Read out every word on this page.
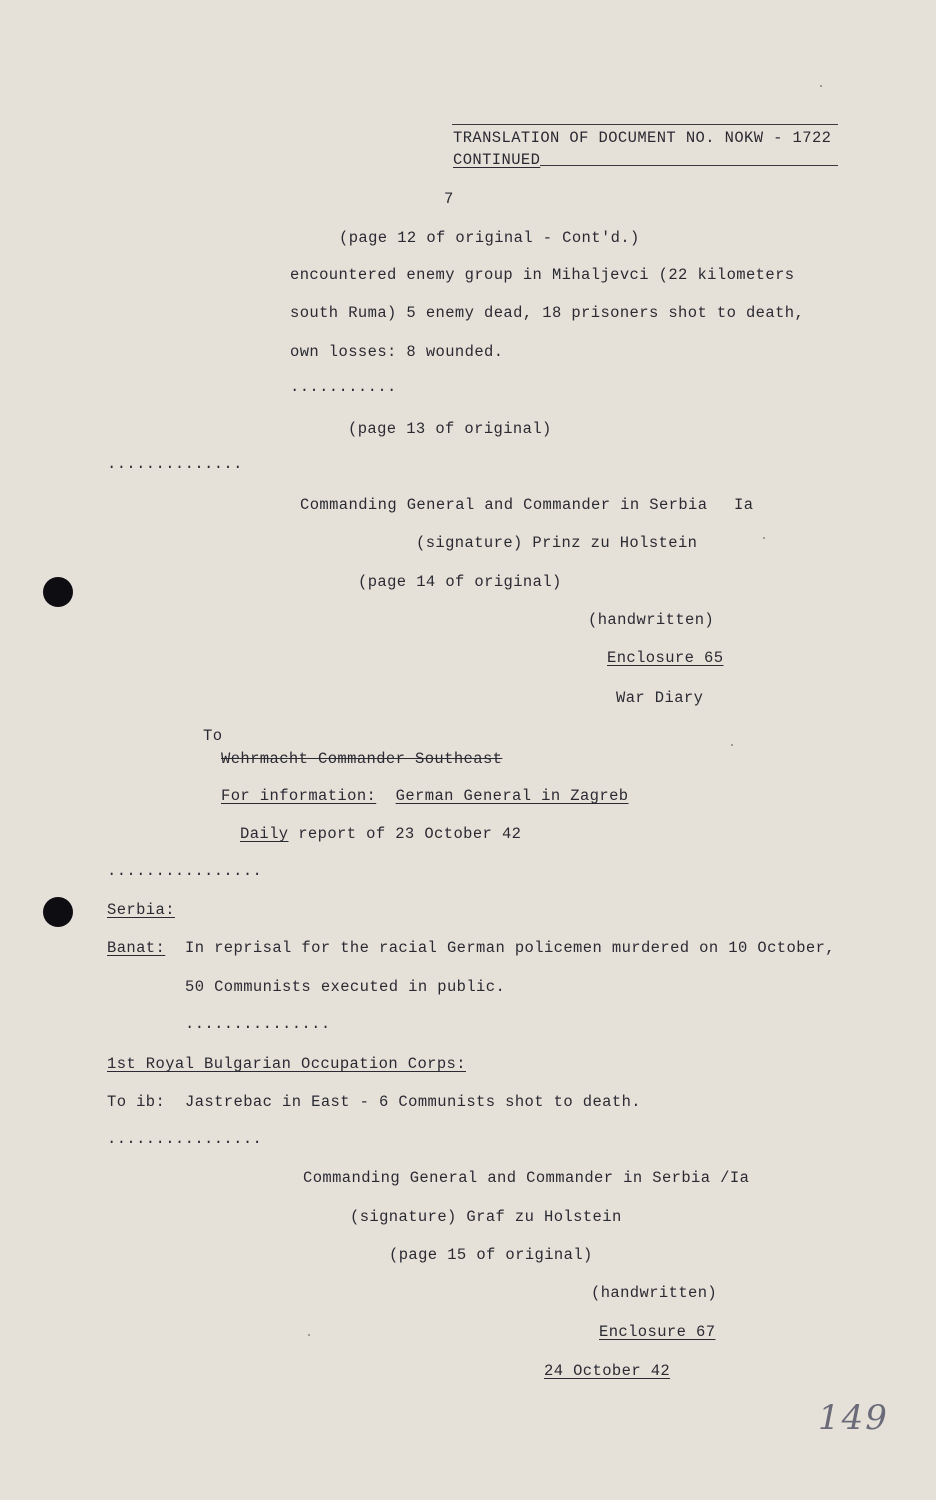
TRANSLATION OF DOCUMENT NO. NOKW - 1722
CONTINUED
7
(page 12 of original - Cont'd.)
encountered enemy group in Mihaljevci (22 kilometers
south Ruma) 5 enemy dead, 18 prisoners shot to death,
own losses: 8 wounded.
...........
(page 13 of original)
..............
Commanding General and Commander in Serbia Ia
(signature) Prinz zu Holstein
(page 14 of original)
(handwritten)
Enclosure 65
War Diary
To
Wehrmacht Commander Southeast
For information: German General in Zagreb
Daily report of 23 October 42
................
Serbia:
Banat: In reprisal for the racial German policemen murdered on 10 October,
50 Communists executed in public.
...............
1st Royal Bulgarian Occupation Corps:
To ib: Jastrebac in East - 6 Communists shot to death.
................
Commanding General and Commander in Serbia /Ia
(signature) Graf zu Holstein
(page 15 of original)
(handwritten)
Enclosure 67
24 October 42
149
